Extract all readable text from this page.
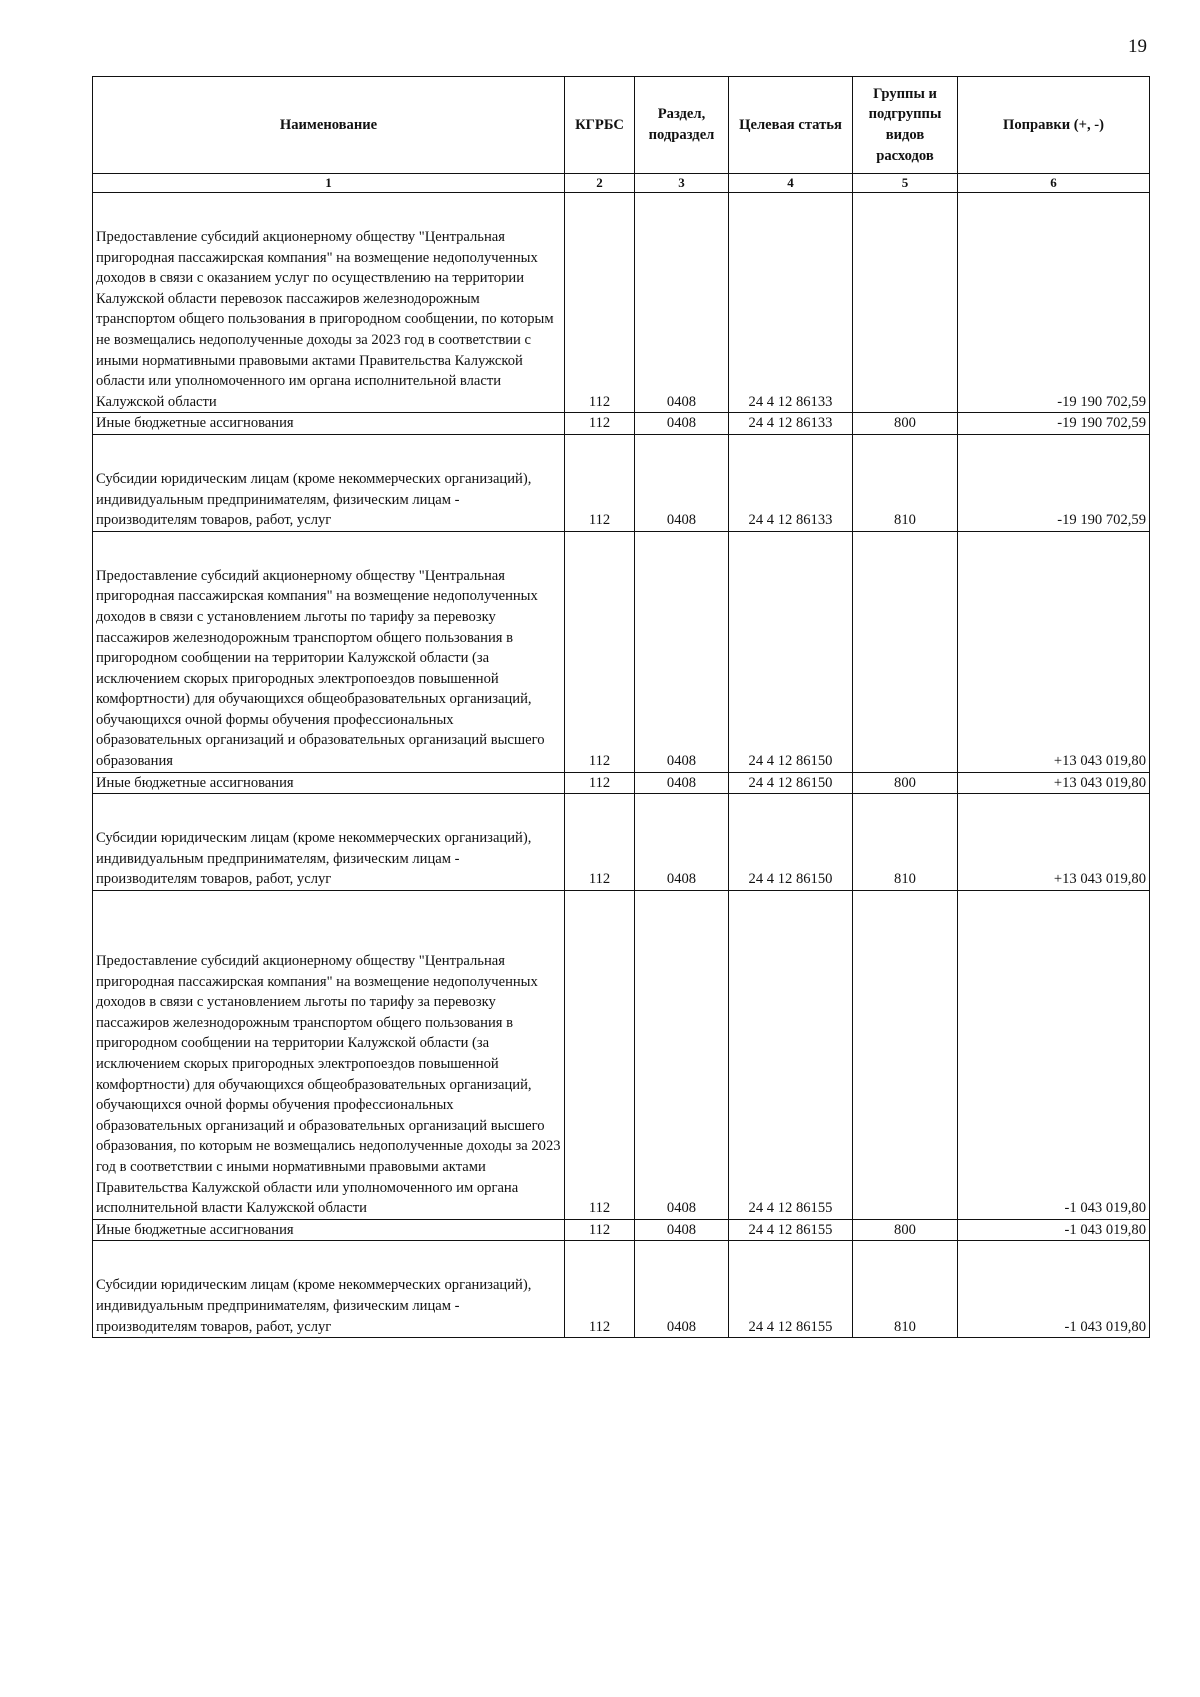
19
Наименование	КГРБС	Раздел, подраздел	Целевая статья	Группы и подгруппы видов расходов	Поправки (+, -)
1	2	3	4	5	6

Предоставление субсидий акционерному обществу "Центральная пригородная пассажирская компания" на возмещение недополученных доходов в связи с оказанием услуг по осуществлению на территории Калужской области перевозок пассажиров железнодорожным транспортом общего пользования в пригородном сообщении, по которым не возмещались недополученные доходы за 2023 год в соответствии с иными нормативными правовыми актами Правительства Калужской области или уполномоченного им органа исполнительной власти Калужской области	112	0408	24 4 12 86133		-19 190 702,59
Иные бюджетные ассигнования	112	0408	24 4 12 86133	800	-19 190 702,59

Субсидии юридическим лицам (кроме некоммерческих организаций), индивидуальным предпринимателям, физическим лицам - производителям товаров, работ, услуг	112	0408	24 4 12 86133	810	-19 190 702,59

Предоставление субсидий акционерному обществу "Центральная пригородная пассажирская компания" на возмещение недополученных доходов в связи с установлением льготы по тарифу за перевозку пассажиров железнодорожным транспортом общего пользования в пригородном сообщении на территории Калужской области (за исключением скорых пригородных электропоездов повышенной комфортности) для обучающихся общеобразовательных организаций, обучающихся очной формы обучения профессиональных образовательных организаций и образовательных организаций высшего образования	112	0408	24 4 12 86150		+13 043 019,80
Иные бюджетные ассигнования	112	0408	24 4 12 86150	800	+13 043 019,80

Субсидии юридическим лицам (кроме некоммерческих организаций), индивидуальным предпринимателям, физическим лицам - производителям товаров, работ, услуг	112	0408	24 4 12 86150	810	+13 043 019,80

Предоставление субсидий акционерному обществу "Центральная пригородная пассажирская компания" на возмещение недополученных доходов в связи с установлением льготы по тарифу за перевозку пассажиров железнодорожным транспортом общего пользования в пригородном сообщении на территории Калужской области (за исключением скорых пригородных электропоездов повышенной комфортности) для обучающихся общеобразовательных организаций, обучающихся очной формы обучения профессиональных образовательных организаций и образовательных организаций высшего образования, по которым не возмещались недополученные доходы за 2023 год в соответствии с иными нормативными правовыми актами Правительства Калужской области или уполномоченного им органа исполнительной власти Калужской области	112	0408	24 4 12 86155		-1 043 019,80
Иные бюджетные ассигнования	112	0408	24 4 12 86155	800	-1 043 019,80

Субсидии юридическим лицам (кроме некоммерческих организаций), индивидуальным предпринимателям, физическим лицам - производителям товаров, работ, услуг	112	0408	24 4 12 86155	810	-1 043 019,80
